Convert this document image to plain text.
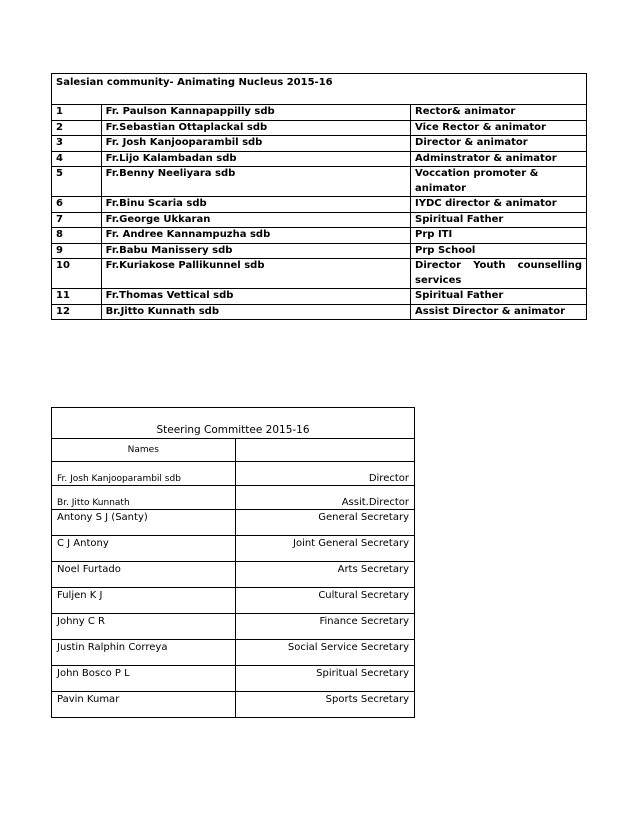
Salesian community- Animating Nucleus 2015-16		
1	Fr. Paulson Kannapappilly sdb	Rector& animator
2	Fr.Sebastian Ottaplackal sdb	Vice Rector & animator
3	Fr. Josh Kanjooparambil sdb	Director & animator
4	Fr.Lijo Kalambadan sdb	Adminstrator & animator
5	Fr.Benny Neeliyara sdb	Voccation promoter & animator
6	Fr.Binu Scaria sdb	IYDC director & animator
7	Fr.George Ukkaran	Spiritual Father
8	Fr. Andree Kannampuzha sdb	Prp ITI
9	Fr.Babu Manissery sdb	Prp School
10	Fr.Kuriakose Pallikunnel sdb	Director Youth counselling
services
11	Fr.Thomas Vettical sdb	Spiritual Father
12	Br.Jitto Kunnath sdb	Assist Director & animator
Steering Committee 2015-16	
Names	
Fr. Josh Kanjooparambil sdb	Director
Br. Jitto Kunnath	Assit.Director
Antony S J (Santy)	General Secretary
C J Antony	Joint General Secretary
Noel Furtado	Arts Secretary
Fuljen K J	Cultural Secretary
Johny C R	Finance Secretary
Justin Ralphin Correya	Social Service Secretary
John Bosco P L	Spiritual Secretary
Pavin Kumar	Sports Secretary
